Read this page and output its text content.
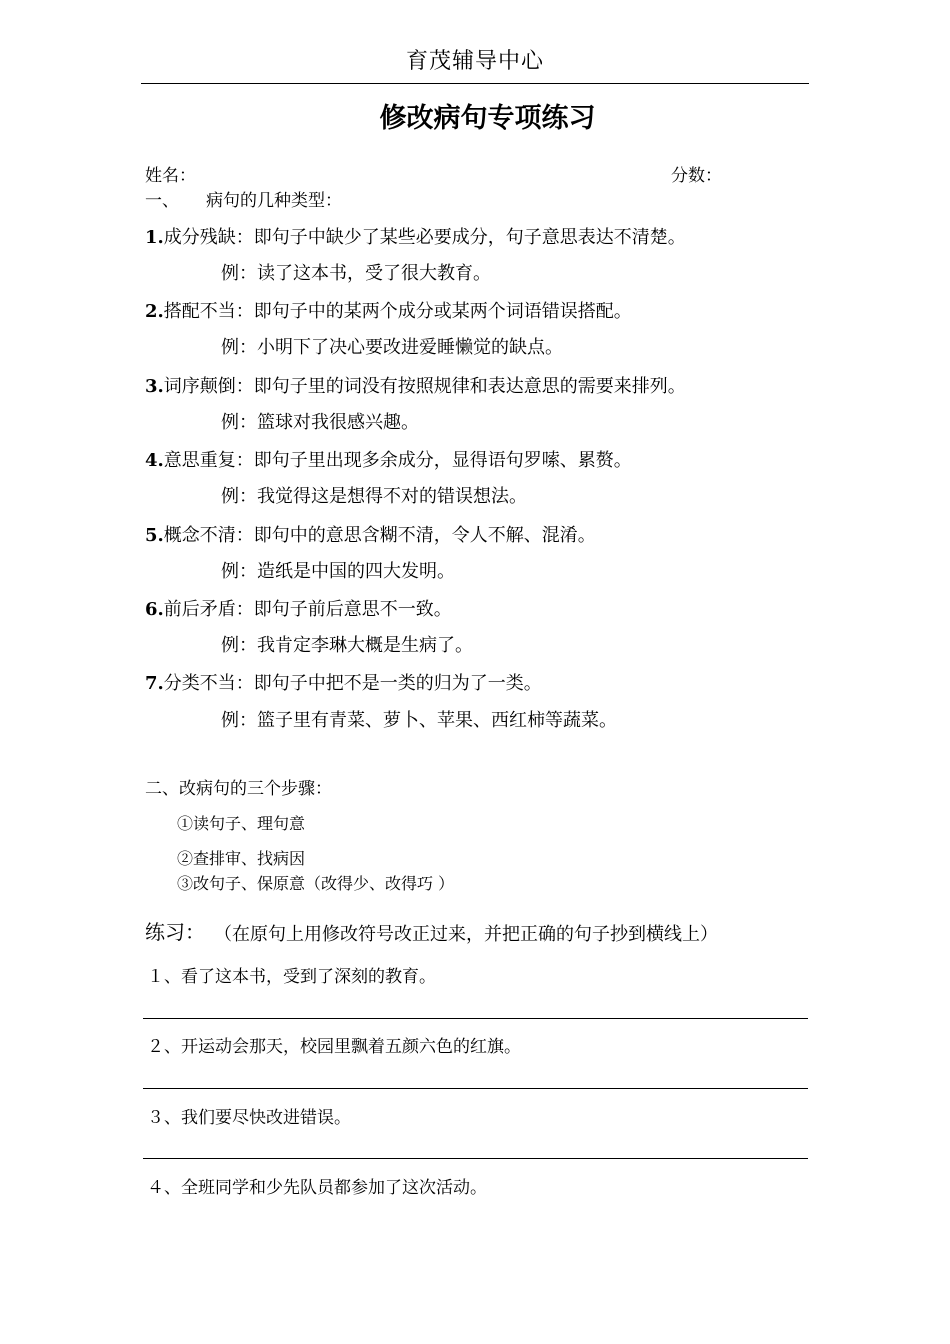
育茂辅导中心
修改病句专项练习
姓名：	分数：
一、 病句的几种类型：
1.成分残缺：即句子中缺少了某些必要成分，句子意思表达不清楚。
例：读了这本书，受了很大教育。
2.搭配不当：即句子中的某两个成分或某两个词语错误搭配。
例：小明下了决心要改进爱睡懒觉的缺点。
3.词序颠倒：即句子里的词没有按照规律和表达意思的需要来排列。
例：篮球对我很感兴趣。
4.意思重复：即句子里出现多余成分，显得语句罗嗦、累赘。
例：我觉得这是想得不对的错误想法。
5.概念不清：即句中的意思含糊不清，令人不解、混淆。
例：造纸是中国的四大发明。
6.前后矛盾：即句子前后意思不一致。
例：我肯定李琳大概是生病了。
7.分类不当：即句子中把不是一类的归为了一类。
例：篮子里有青菜、萝卜、苹果、西红柿等蔬菜。
二、改病句的三个步骤：
①读句子、理句意
②查排审、找病因
③改句子、保原意（改得少、改得巧 ）
练习： （在原句上用修改符号改正过来，并把正确的句子抄到横线上）
１、看了这本书，受到了深刻的教育。
２、开运动会那天，校园里飘着五颜六色的红旗。
３、我们要尽快改进错误。
４、全班同学和少先队员都参加了这次活动。
